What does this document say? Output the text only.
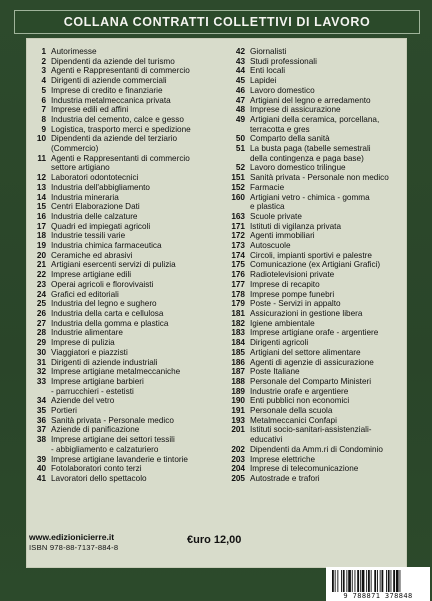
COLLANA CONTRATTI COLLETTIVI DI LAVORO
1 Autorimesse
2 Dipendenti da aziende del turismo
3 Agenti e Rappresentanti di commercio
4 Dirigenti di aziende commerciali
5 Imprese di credito e finanziarie
6 Industria metalmeccanica privata
7 Imprese edili ed affini
8 Industria del cemento, calce e gesso
9 Logistica, trasporto merci e spedizione
10 Dipendenti da aziende del terziario
(Commercio)
11 Agenti e Rappresentanti di commercio
settore artigiano
12 Laboratori odontotecnici
13 Industria dell'abbigliamento
14 Industria mineraria
15 Centri Elaborazione Dati
16 Industria delle calzature
17 Quadri ed impiegati agricoli
18 Industrie tessili varie
19 Industria chimica farmaceutica
20 Ceramiche ed abrasivi
21 Artigiani esercenti servizi di pulizia
22 Imprese artigiane edili
23 Operai agricoli e florovivaisti
24 Grafici ed editoriali
25 Industria del legno e sughero
26 Industria della carta e cellulosa
27 Industria della gomma e plastica
28 Industrie alimentare
29 Imprese di pulizia
30 Viaggiatori e piazzisti
31 Dirigenti di aziende industriali
32 Imprese artigiane metalmeccaniche
33 Imprese artigiane barbieri
- parrucchieri - estetisti
34 Aziende del vetro
35 Portieri
36 Sanità privata - Personale medico
37 Aziende di panificazione
38 Imprese artigiane dei settori tessili
- abbigliamento e calzaturiero
39 Imprese artigiane lavanderie e tintorie
40 Fotolaboratori conto terzi
41 Lavoratori dello spettacolo
42 Giornalisti
43 Studi professionali
44 Enti locali
45 Lapidei
46 Lavoro domestico
47 Artigiani del legno e arredamento
48 Imprese di assicurazione
49 Artigiani della ceramica, porcellana,
terracotta e gres
50 Comparto della sanità
51 La busta paga (tabelle semestrali
della contingenza e paga base)
52 Lavoro domestico trilingue
151 Sanità privata - Personale non medico
152 Farmacie
160 Artigiani vetro - chimica - gomma
e plastica
163 Scuole private
171 Istituti di vigilanza privata
172 Agenti immobiliari
173 Autoscuole
174 Circoli, impianti sportivi e palestre
175 Comunicazione (ex Artigiani Grafici)
176 Radiotelevisioni private
177 Imprese di recapito
178 Imprese pompe funebri
179 Poste - Servizi in appalto
181 Assicurazioni in gestione libera
182 Igiene ambientale
183 Imprese artigiane orafe - argentiere
184 Dirigenti agricoli
185 Artigiani del settore alimentare
186 Agenti di agenzie di assicurazione
187 Poste Italiane
188 Personale del Comparto Ministeri
189 Industrie orafe e argentiere
190 Enti pubblici non economici
191 Personale della scuola
193 Metalmeccanici Confapi
201 Istituti socio-sanitari-assistenziali-
educativi
202 Dipendenti da Amm.ri di Condominio
203 Imprese elettriche
204 Imprese di telecomunicazione
205 Autostrade e trafori
9 788871 378848
www.edizionicierre.it
ISBN 978-88-7137-884-8
€uro 12,00
